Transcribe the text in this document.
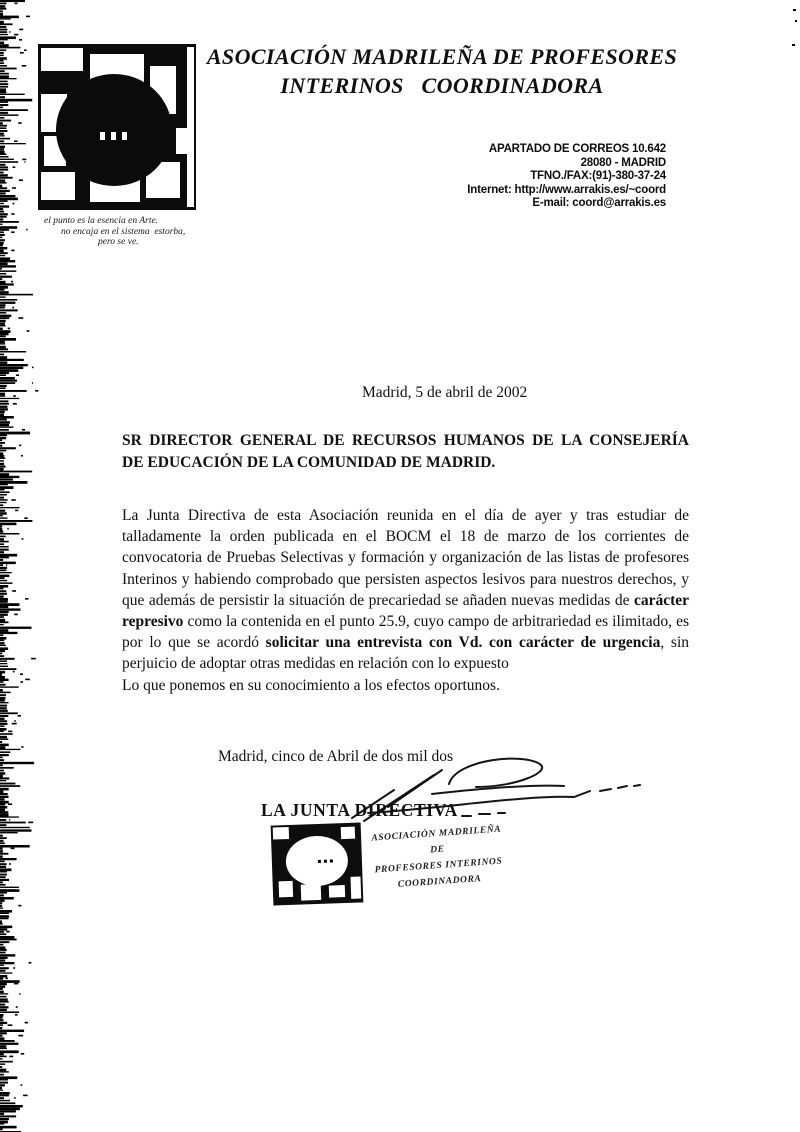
ASOCIACIÓN MADRILEÑA DE PROFESORES
INTERINOS   COORDINADORA
APARTADO DE CORREOS 10.642
28080 - MADRID
TFNO./FAX:(91)-380-37-24
Internet: http://www.arrakis.es/~coord
E-mail: coord@arrakis.es
el punto es la esencia en Arte.
no encaja en el sistema  estorba,
pero se ve.
Madrid, 5 de abril de 2002
SR DIRECTOR GENERAL DE RECURSOS HUMANOS DE LA CONSEJERÍA
DE EDUCACIÓN DE LA COMUNIDAD DE MADRID.
La Junta Directiva de esta Asociación reunida en el día de ayer y tras estudiar de talladamente la orden publicada en el BOCM el 18 de marzo de los corrientes de convocatoria de Pruebas Selectivas y formación y organización de las listas de profesores Interinos y habiendo comprobado que persisten aspectos lesivos para nuestros derechos, y que además de persistir la situación de precariedad se añaden nuevas medidas de carácter represivo como la contenida en el punto 25.9, cuyo campo de arbitrariedad es ilimitado, es por lo que se acordó solicitar una entrevista con Vd. con carácter de urgencia, sin perjuicio de adoptar otras medidas en relación con lo expuesto
Lo que ponemos en su conocimiento a los efectos oportunos.
Madrid, cinco de Abril de dos mil dos
LA JUNTA DIRECTIVA
ASOCIACIÓN MADRILEÑA DE
PROFESORES INTERINOS
COORDINADORA
